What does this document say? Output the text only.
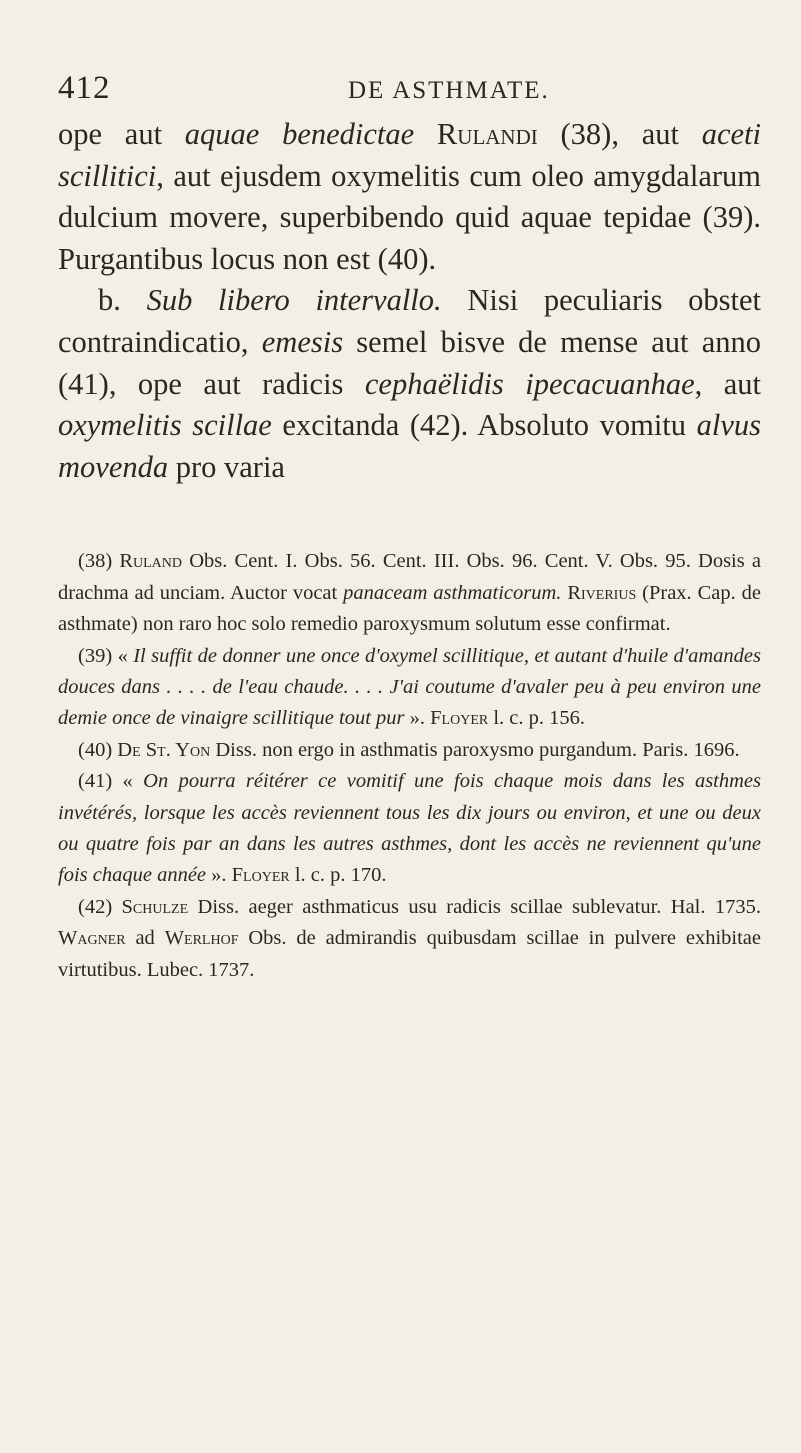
412	DE ASTHMATE.

ope aut aquae benedictae Rulandi (38), aut aceti scillitici, aut ejusdem oxymelitis cum oleo amygdalarum dulcium movere, superbibendo quid aquae tepidae (39). Purgantibus locus non est (40).

b. Sub libero intervallo. Nisi peculiaris obstet contraindicatio, emesis semel bisve de mense aut anno (41), ope aut radicis cephaëlidis ipecacuanhae, aut oxymelitis scillae excitanda (42). Absoluto vomitu alvus movenda pro varia

(38) Ruland Obs. Cent. I. Obs. 56. Cent. III. Obs. 96. Cent. V. Obs. 95. Dosis a drachma ad unciam. Auctor vocat panaceam asthmaticorum. Riverius (Prax. Cap. de asthmate) non raro hoc solo remedio paroxysmum solutum esse confirmat.

(39) « Il suffit de donner une once d'oxymel scillitique, et autant d'huile d'amandes douces dans . . . . de l'eau chaude. . . . J'ai coutume d'avaler peu à peu environ une demie once de vinaigre scillitique tout pur ». Floyer l. c. p. 156.

(40) De St. Yon Diss. non ergo in asthmatis paroxysmo purgandum. Paris. 1696.

(41) « On pourra réitérer ce vomitif une fois chaque mois dans les asthmes invétérés, lorsque les accès reviennent tous les dix jours ou environ, et une ou deux ou quatre fois par an dans les autres asthmes, dont les accès ne reviennent qu'une fois chaque année ». Floyer l. c. p. 170.

(42) Schulze Diss. aeger asthmaticus usu radicis scillae sublevatur. Hal. 1735. Wagner ad Werlhof Obs. de admirandis quibusdam scillae in pulvere exhibitae virtutibus. Lubec. 1737.
